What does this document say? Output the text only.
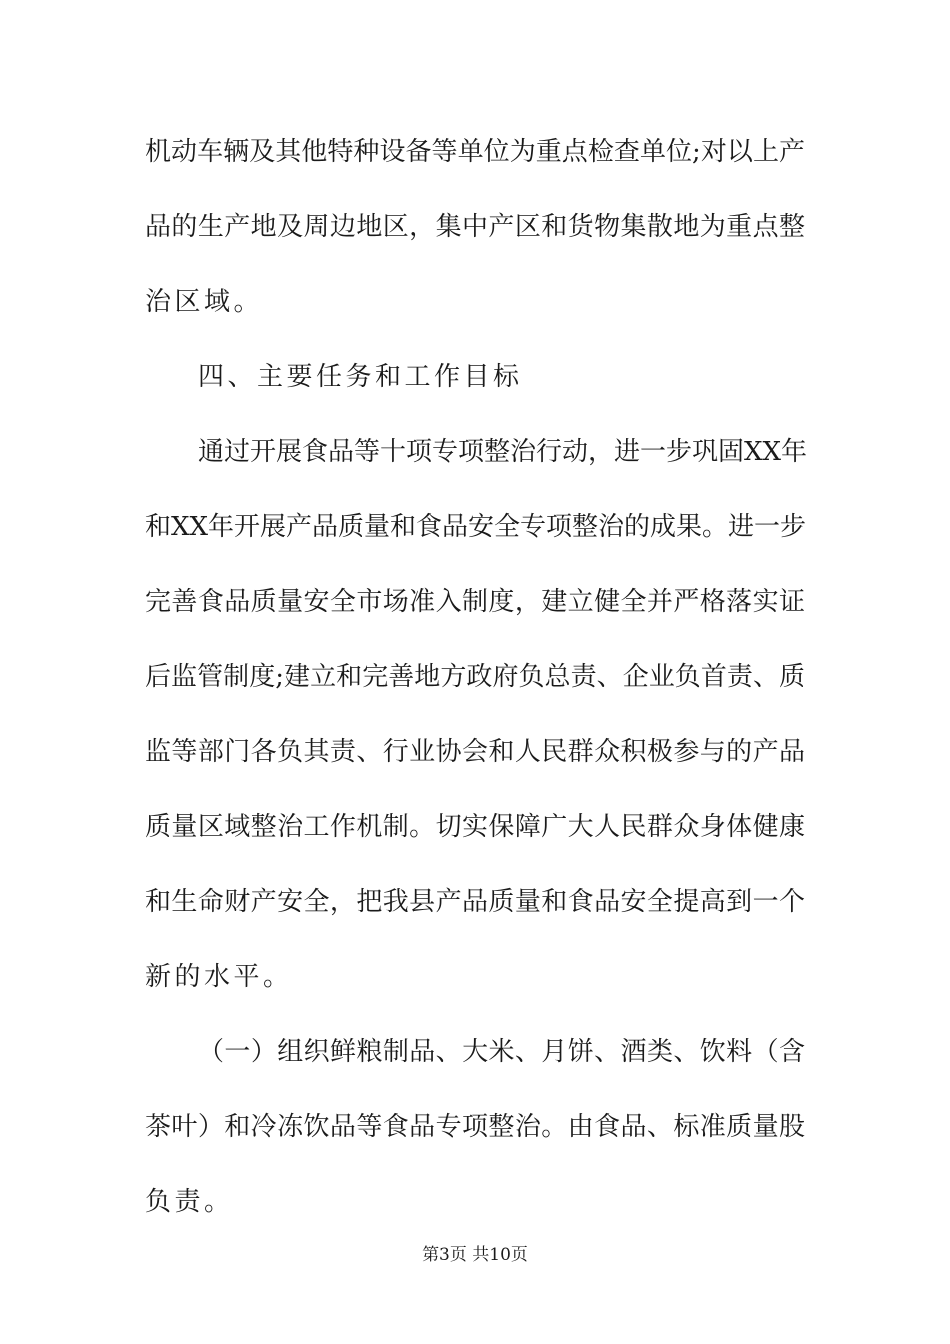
机动车辆及其他特种设备等单位为重点检查单位;对以上产
品的生产地及周边地区，集中产区和货物集散地为重点整
治区域。
四、主要任务和工作目标
通过开展食品等十项专项整治行动，进一步巩固XX年
和XX年开展产品质量和食品安全专项整治的成果。进一步
完善食品质量安全市场准入制度，建立健全并严格落实证
后监管制度;建立和完善地方政府负总责、企业负首责、质
监等部门各负其责、行业协会和人民群众积极参与的产品
质量区域整治工作机制。切实保障广大人民群众身体健康
和生命财产安全，把我县产品质量和食品安全提高到一个
新的水平。
（一）组织鲜粮制品、大米、月饼、酒类、饮料（含
茶叶）和冷冻饮品等食品专项整治。由食品、标准质量股
负责。
第3页 共10页
